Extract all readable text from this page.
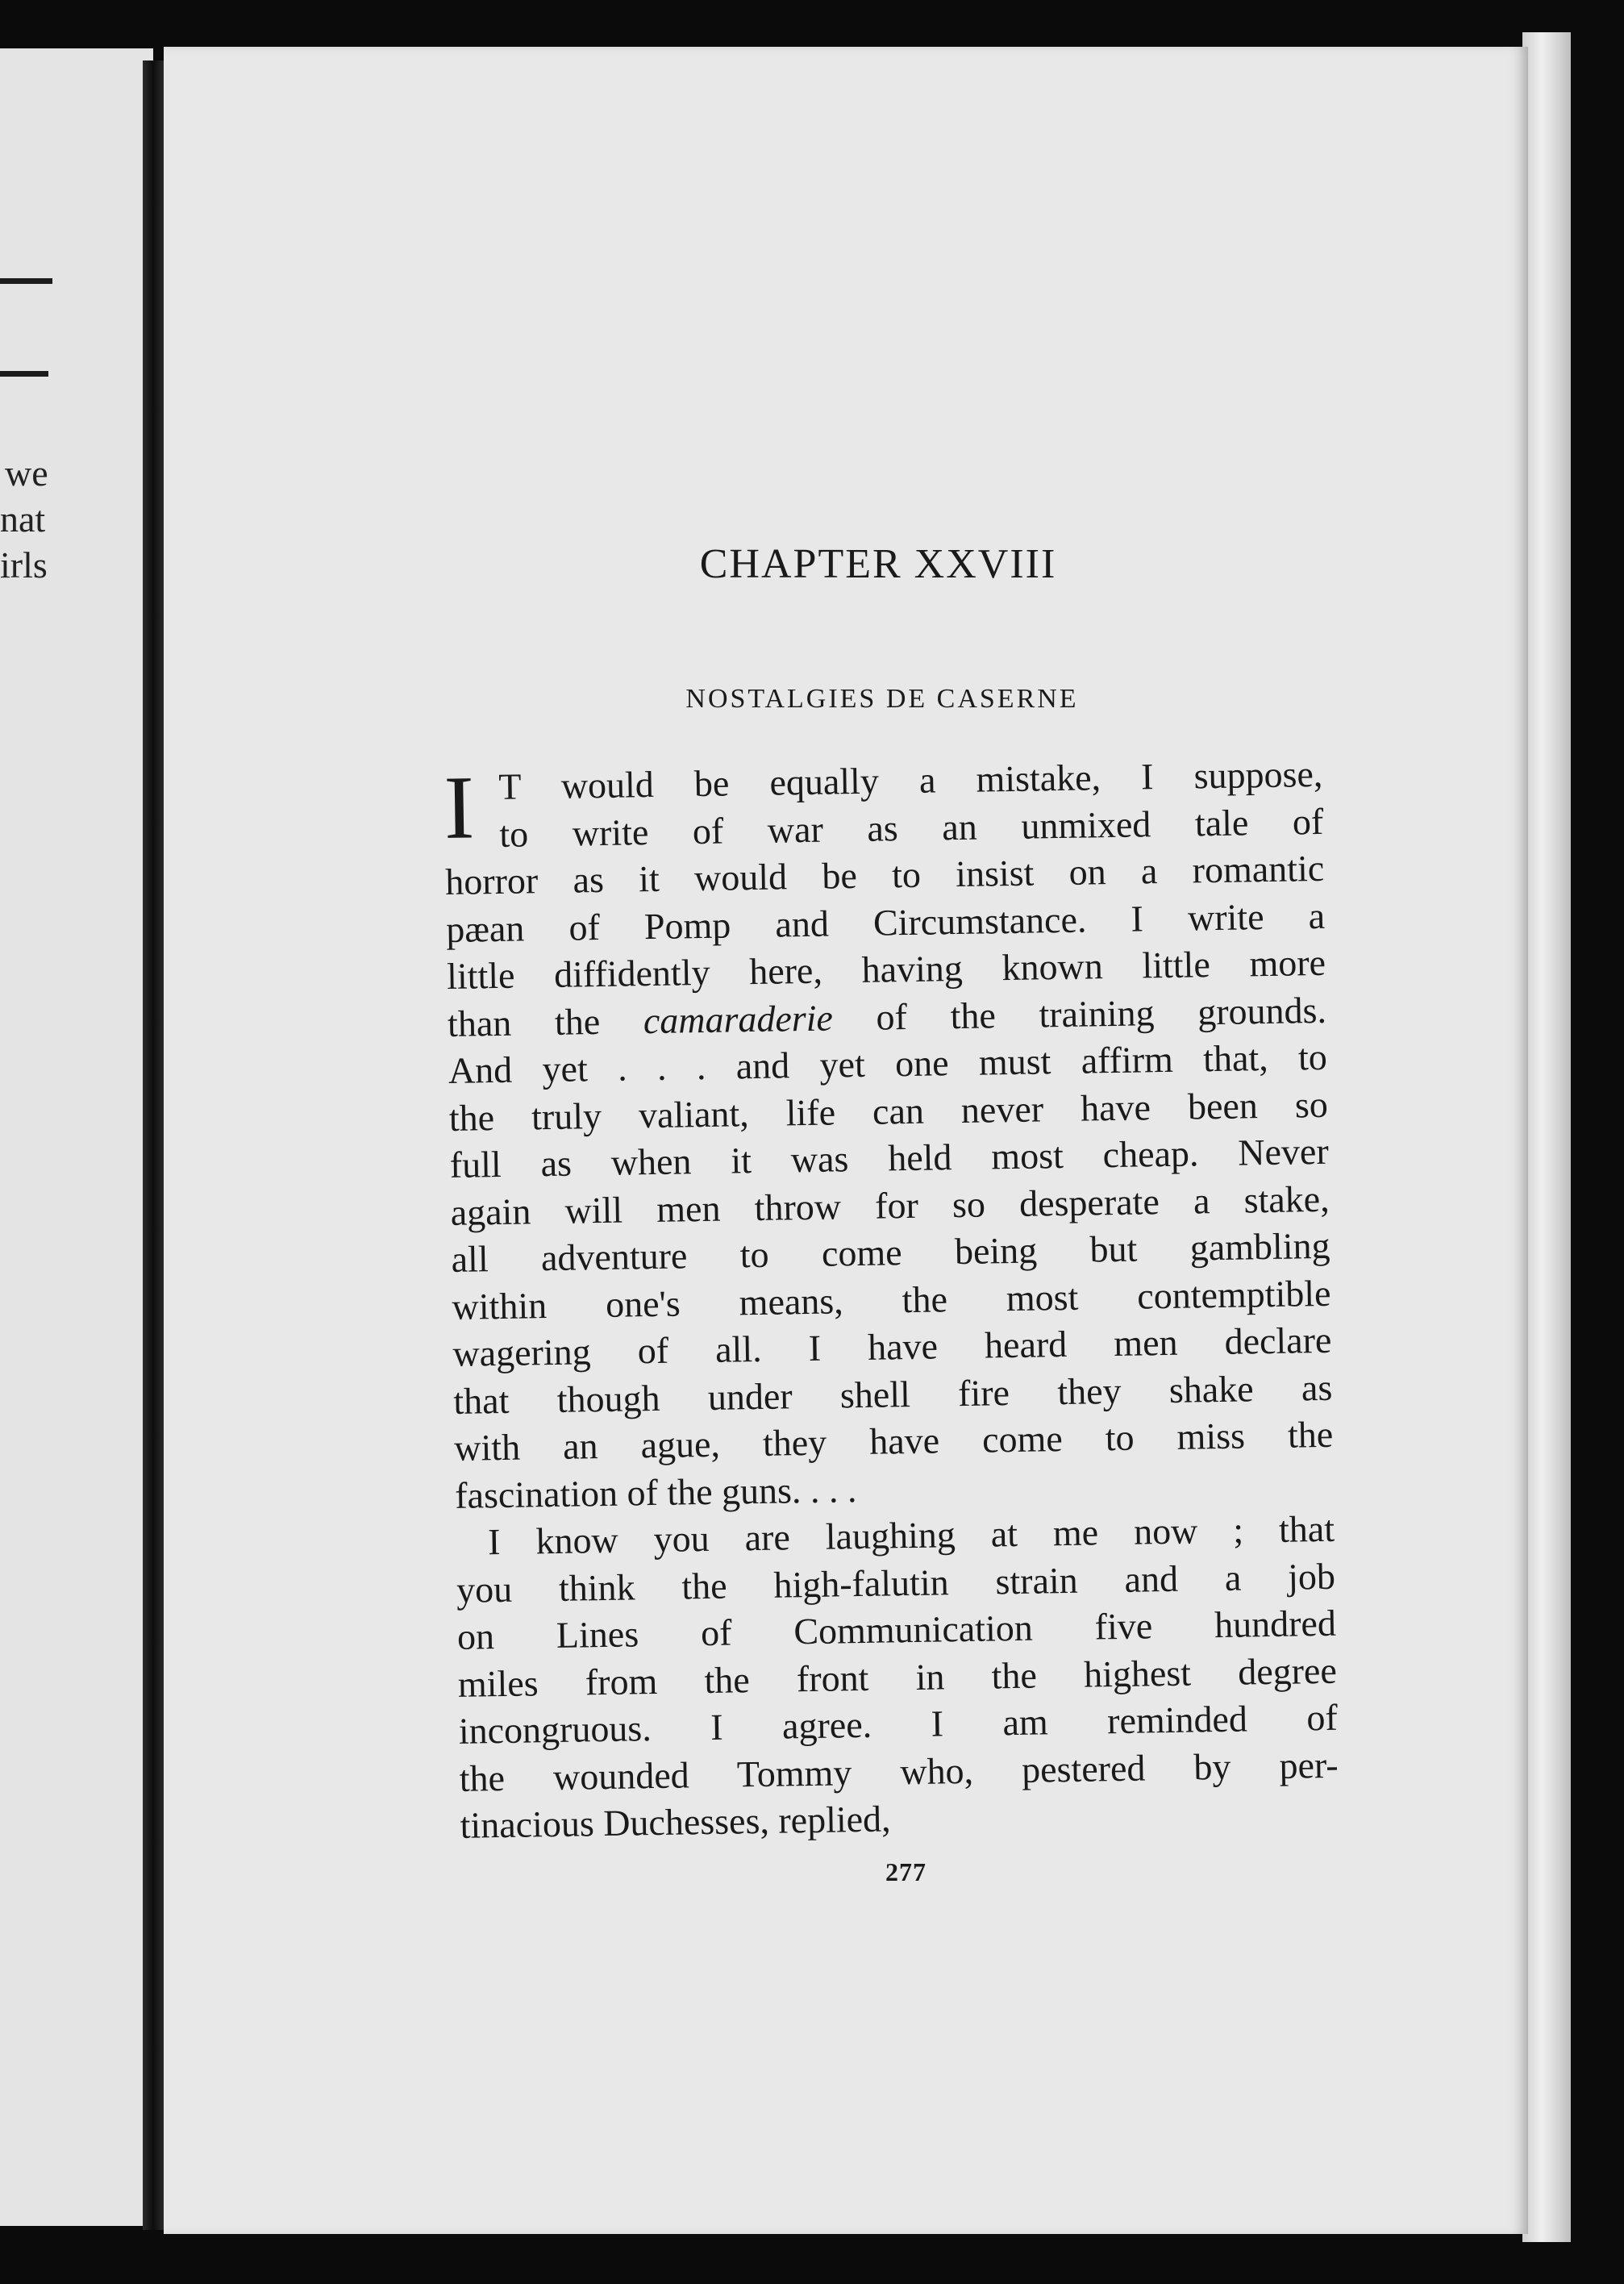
we
nat
irls	CHAPTER XXVIII
NOSTALGIES DE CASERNE
I T would be equally a mistake, I suppose,
to write of war as an unmixed tale of
horror as it would be to insist on a romantic
pæan of Pomp and Circumstance. I write a
little diffidently here, having known little more
than the camaraderie of the training grounds.
And yet . . . and yet one must affirm that, to
the truly valiant, life can never have been so
full as when it was held most cheap. Never
again will men throw for so desperate a stake,
all adventure to come being but gambling
within one's means, the most contemptible
wagering of all. I have heard men declare
that though under shell fire they shake as
with an ague, they have come to miss the
fascination of the guns. . . .
I know you are laughing at me now ; that
you think the high-falutin strain and a job
on Lines of Communication five hundred
miles from the front in the highest degree
incongruous. I agree. I am reminded of
the wounded Tommy who, pestered by per-
tinacious Duchesses, replied,
277
